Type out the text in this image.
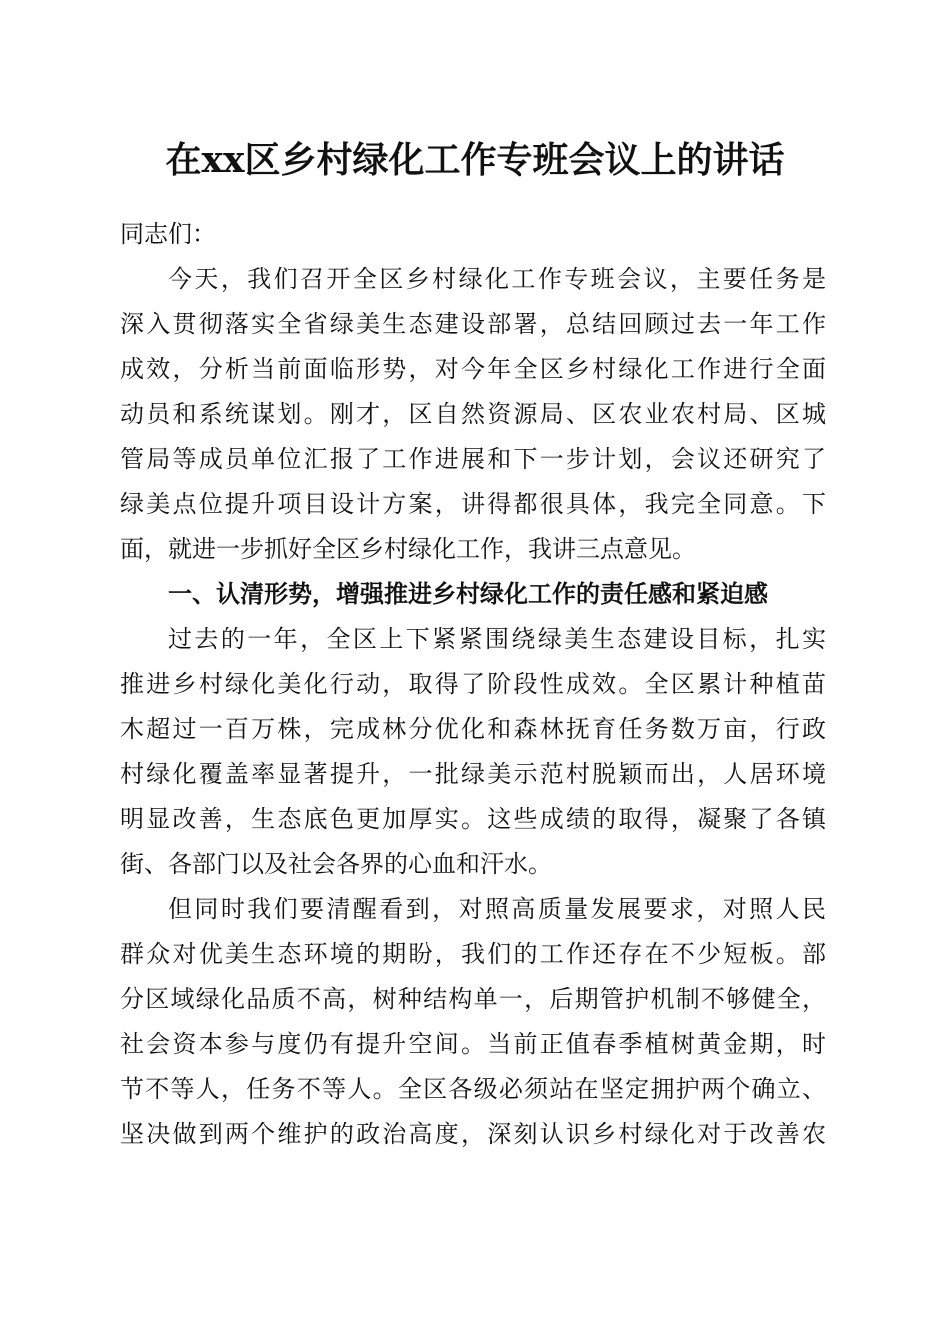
在xx区乡村绿化工作专班会议上的讲话
同志们：
今天，我们召开全区乡村绿化工作专班会议，主要任务是
深入贯彻落实全省绿美生态建设部署，总结回顾过去一年工作
成效，分析当前面临形势，对今年全区乡村绿化工作进行全面
动员和系统谋划。刚才，区自然资源局、区农业农村局、区城
管局等成员单位汇报了工作进展和下一步计划，会议还研究了
绿美点位提升项目设计方案，讲得都很具体，我完全同意。下
面，就进一步抓好全区乡村绿化工作，我讲三点意见。
一、认清形势，增强推进乡村绿化工作的责任感和紧迫感
过去的一年，全区上下紧紧围绕绿美生态建设目标，扎实
推进乡村绿化美化行动，取得了阶段性成效。全区累计种植苗
木超过一百万株，完成林分优化和森林抚育任务数万亩，行政
村绿化覆盖率显著提升，一批绿美示范村脱颖而出，人居环境
明显改善，生态底色更加厚实。这些成绩的取得，凝聚了各镇
街、各部门以及社会各界的心血和汗水。
但同时我们要清醒看到，对照高质量发展要求，对照人民
群众对优美生态环境的期盼，我们的工作还存在不少短板。部
分区域绿化品质不高，树种结构单一，后期管护机制不够健全，
社会资本参与度仍有提升空间。当前正值春季植树黄金期，时
节不等人，任务不等人。全区各级必须站在坚定拥护两个确立、
坚决做到两个维护的政治高度，深刻认识乡村绿化对于改善农
